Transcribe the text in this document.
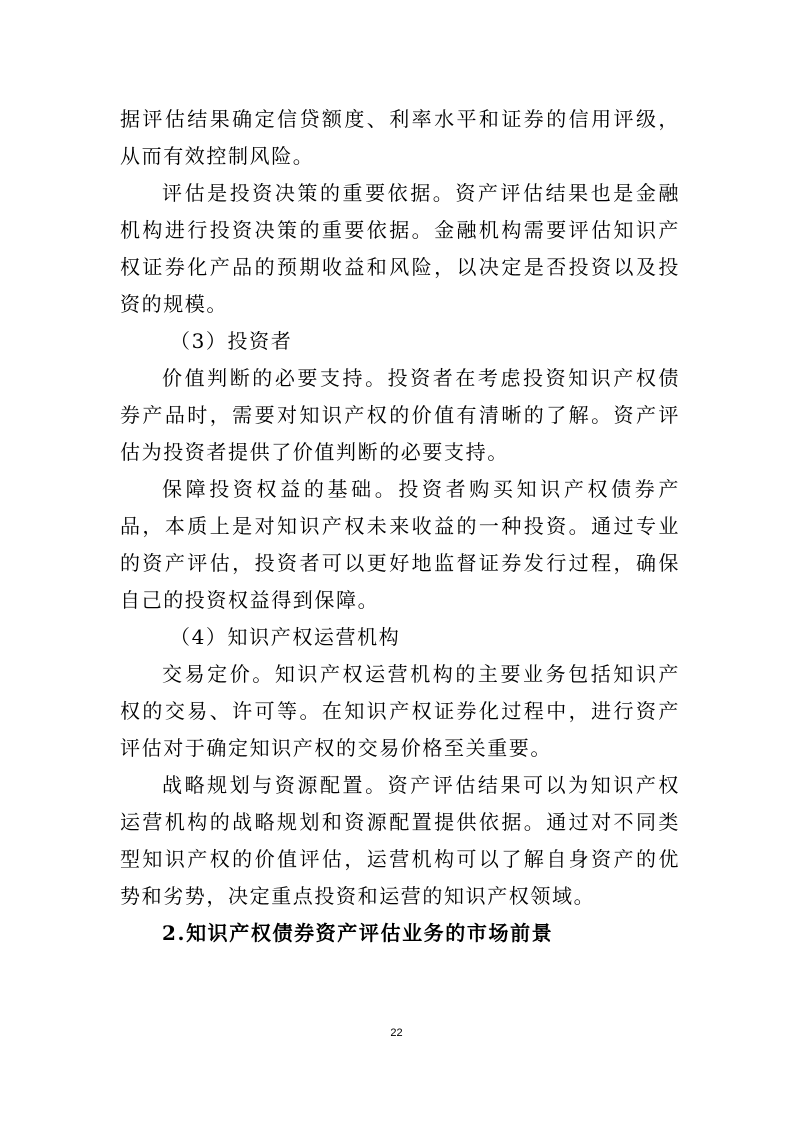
据评估结果确定信贷额度、利率水平和证券的信用评级，从而有效控制风险。

评估是投资决策的重要依据。资产评估结果也是金融机构进行投资决策的重要依据。金融机构需要评估知识产权证券化产品的预期收益和风险，以决定是否投资以及投资的规模。

（3）投资者

价值判断的必要支持。投资者在考虑投资知识产权债券产品时，需要对知识产权的价值有清晰的了解。资产评估为投资者提供了价值判断的必要支持。

保障投资权益的基础。投资者购买知识产权债券产品，本质上是对知识产权未来收益的一种投资。通过专业的资产评估，投资者可以更好地监督证券发行过程，确保自己的投资权益得到保障。

（4）知识产权运营机构

交易定价。知识产权运营机构的主要业务包括知识产权的交易、许可等。在知识产权证券化过程中，进行资产评估对于确定知识产权的交易价格至关重要。

战略规划与资源配置。资产评估结果可以为知识产权运营机构的战略规划和资源配置提供依据。通过对不同类型知识产权的价值评估，运营机构可以了解自身资产的优势和劣势，决定重点投资和运营的知识产权领域。

2.知识产权债券资产评估业务的市场前景

22
